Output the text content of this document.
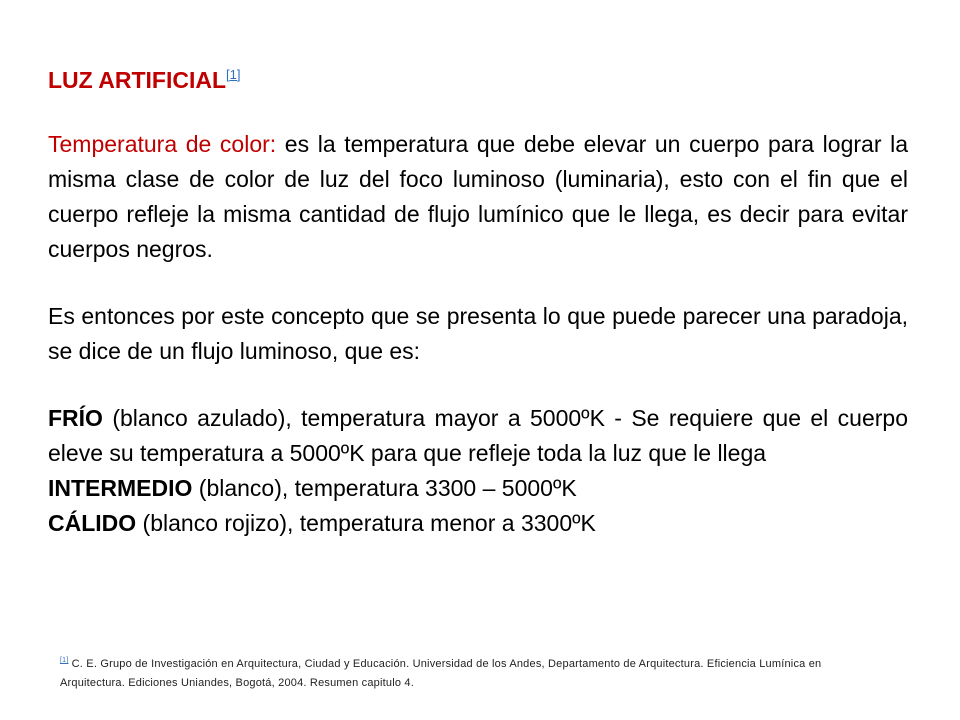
LUZ ARTIFICIAL[1]

Temperatura de color: es la temperatura que debe elevar un cuerpo para lograr la misma clase de color de luz del foco luminoso (luminaria), esto con el fin que el cuerpo refleje la misma cantidad de flujo lumínico que le llega, es decir para evitar cuerpos negros.

Es entonces por este concepto que se presenta lo que puede parecer una paradoja, se dice de un flujo luminoso, que es:

FRÍO (blanco azulado), temperatura mayor a 5000ºK - Se requiere que el cuerpo eleve su temperatura a 5000ºK para que refleje toda la luz que le llega

INTERMEDIO (blanco), temperatura 3300 – 5000ºK

CÁLIDO (blanco rojizo), temperatura menor a 3300ºK

[1] C. E. Grupo de Investigación en Arquitectura, Ciudad y Educación. Universidad de los Andes, Departamento de Arquitectura. Eficiencia Lumínica en Arquitectura. Ediciones Uniandes, Bogotá, 2004. Resumen capitulo 4.
